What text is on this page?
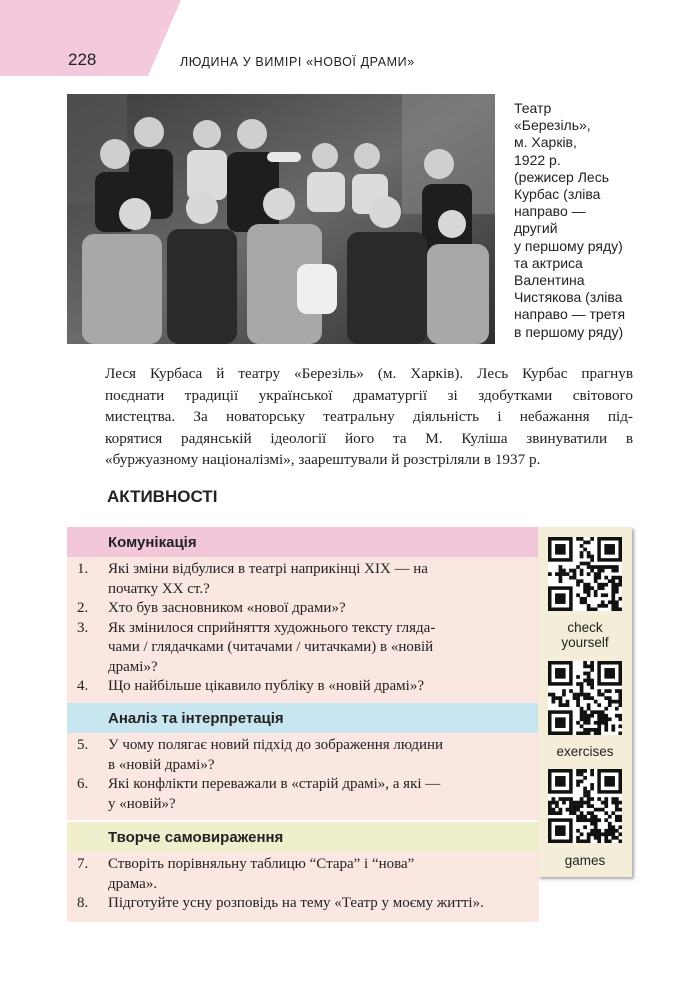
228	ЛЮДИНА У ВИМІРІ «НОВОЇ ДРАМИ»
Театр
«Березіль»,
м. Харків,
1922 р.
(режисер Лесь
Курбас (зліва
направо —
другий
у першому ряду)
та актриса
Валентина
Чистякова (зліва
направо — третя
в першому ряду)
Леся Курбаса й театру «Березіль» (м. Харків). Лесь Курбас прагнув
поєднати традиції української драматургії зі здобутками світового
мистецтва. За новаторську театральну діяльність і небажання під-
корятися радянській ідеології його та М. Куліша звинуватили в
«буржуазному націоналізмі», заарештували й розстріляли в 1937 р.
АКТИВНОСТІ
Комунікація
1. Які зміни відбулися в театрі наприкінці XIX — на
початку XX ст.?
2. Хто був засновником «нової драми»?
3. Як змінилося сприйняття художнього тексту гляда-
чами / глядачками (читачами / читачками) в «новій
драмі»?
4. Що найбільше цікавило публіку в «новій драмі»?
Аналіз та інтерпретація
5. У чому полягає новий підхід до зображення людини
в «новій драмі»?
6. Які конфлікти переважали в «старій драмі», а які —
у «новій»?
Творче самовираження
7. Створіть порівняльну таблицю “Стара” і “нова”
драма».
8. Підготуйте усну розповідь на тему «Театр у моєму житті».
check
yourself
exercises
games
